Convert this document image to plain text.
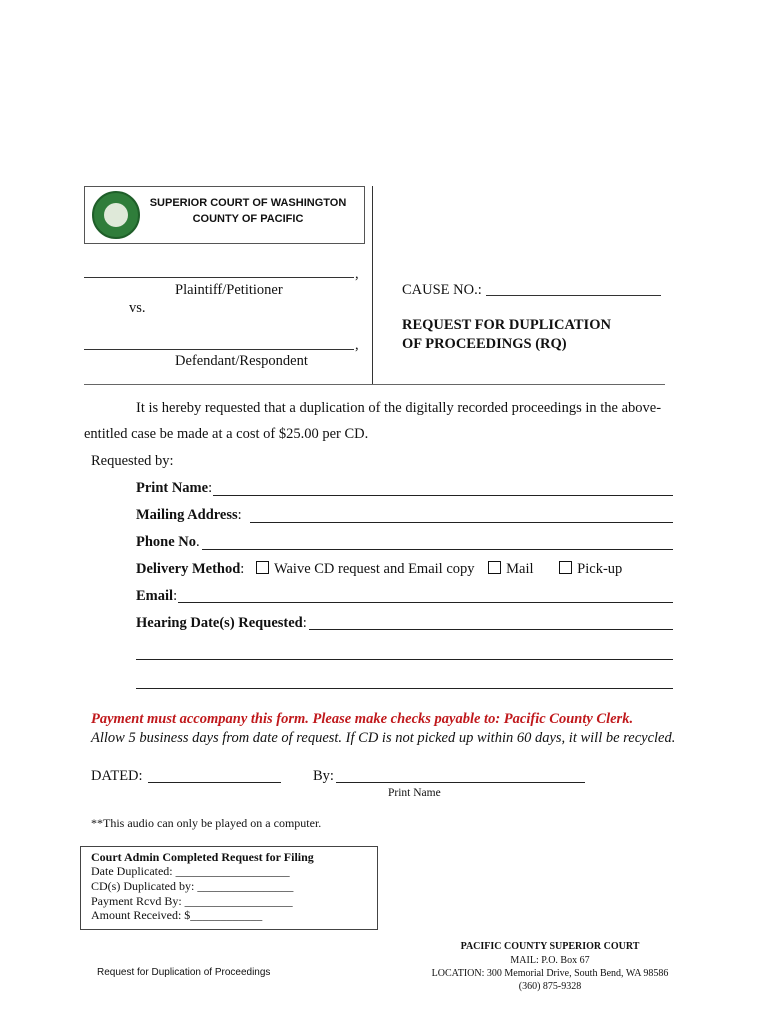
SUPERIOR COURT OF WASHINGTON
COUNTY OF PACIFIC
,
Plaintiff/Petitioner
vs.
,
Defendant/Respondent
CAUSE NO.:
REQUEST FOR DUPLICATION
OF PROCEEDINGS (RQ)
It is hereby requested that a duplication of the digitally recorded proceedings in the above-
entitled case be made at a cost of $25.00 per CD.
Requested by:
Print Name:
Mailing Address:
Phone No.
Delivery Method: Waive CD request and Email copy Mail	Pick-up
Email:
Hearing Date(s) Requested:
Payment must accompany this form. Please make checks payable to: Pacific County Clerk.
Allow 5 business days from date of request. If CD is not picked up within 60 days, it will be recycled.
DATED:	By:
Print Name
**This audio can only be played on a computer.
Court Admin Completed Request for Filing
Date Duplicated: ___________________
CD(s) Duplicated by: ________________
Payment Rcvd By: __________________
Amount Received: $____________
Request for Duplication of Proceedings
PACIFIC COUNTY SUPERIOR COURT
MAIL: P.O. Box 67
LOCATION: 300 Memorial Drive, South Bend, WA 98586
(360) 875-9328
